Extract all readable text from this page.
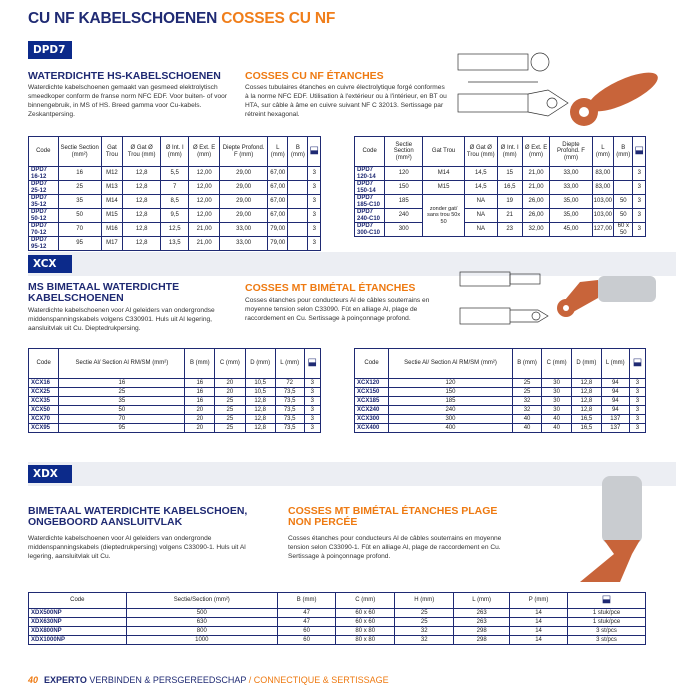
CU NF KABELSCHOENEN COSSES CU NF
DPD7
WATERDICHTE HS-KABELSCHOENEN
Waterdichte kabelschoenen gemaakt van gesmeed elektrolytisch smeedkoper conform de franse norm NFC EDF. Voor buiten- of voor binnengebruik, in MS of HS. Breed gamma voor Cu-kabels. Zeskantpersing.
COSSES CU NF ÉTANCHES
Cosses tubulaires étanches en cuivre électrolytique forgé conformes à la norme NFC EDF. Utilisation à l'extérieur ou à l'intérieur, en BT ou HTA, sur câble à âme en cuivre suivant NF C 32013. Sertissage par rétreint hexagonal.
Code	Sectie Section (mm²)	Gat Trou	Ø Gat Ø Trou (mm)	Ø Int. I (mm)	Ø Ext. E (mm)	Diepte Profond. F (mm)	L (mm)	B (mm)	⬓
DPD7 16-12	16	M12	12,8	5,5	12,00	29,00	67,00		3
DPD7 25-12	25	M13	12,8	7	12,00	29,00	67,00		3
DPD7 35-12	35	M14	12,8	8,5	12,00	29,00	67,00		3
DPD7 50-12	50	M15	12,8	9,5	12,00	29,00	67,00		3
DPD7 70-12	70	M16	12,8	12,5	21,00	33,00	79,00		3
DPD7 95-12	95	M17	12,8	13,5	21,00	33,00	79,00		3
Code	Sectie Section (mm²)	Gat Trou	Ø Gat Ø Trou (mm)	Ø Int. I (mm)	Ø Ext. E (mm)	Diepte Profond. F (mm)	L (mm)	B (mm)	⬓
DPD7 120-14	120	M14	14,5	15	21,00	33,00	83,00		3
DPD7 150-14	150	M15	14,5	16,5	21,00	33,00	83,00		3
DPD7 185-C10	185	zonder gat/ sans trou 50x 50	NA	19	26,00	35,00	103,00	50	3
DPD7 240-C10	240		NA	21	26,00	35,00	103,00	50	3
DPD7 300-C10	300		NA	23	32,00	45,00	127,00	60 x 50	3
XCX
MS BIMETAAL WATERDICHTE KABELSCHOENEN
Waterdichte kabelschoenen voor Al geleiders van ondergrondse middenspanningskabels volgens C330901. Huls uit Al legering, aansluitvlak uit Cu. Dieptedrukpersing.
COSSES MT BIMÉTAL ÉTANCHES
Cosses étanches pour conducteurs Al de câbles souterrains en moyenne tension selon C33090. Fût en alliage Al, plage de raccordement en Cu. Sertissage à poinçonnage profond.
Code	Sectie Al/ Section Al RM/SM (mm²)	B (mm)	C (mm)	D (mm)	L (mm)	⬓
XCX16	16	16	20	10,5	72	3
XCX25	25	16	20	10,5	73,5	3
XCX35	35	16	25	12,8	73,5	3
XCX50	50	20	25	12,8	73,5	3
XCX70	70	20	25	12,8	73,5	3
XCX95	95	20	25	12,8	73,5	3
Code	Sectie Al/ Section Al RM/SM (mm²)	B (mm)	C (mm)	D (mm)	L (mm)	⬓
XCX120	120	25	30	12,8	94	3
XCX150	150	25	30	12,8	94	3
XCX185	185	32	30	12,8	94	3
XCX240	240	32	30	12,8	94	3
XCX300	300	40	40	16,5	137	3
XCX400	400	40	40	16,5	137	3
XDX
BIMETAAL WATERDICHTE KABELSCHOEN, ONGEBOORD AANSLUITVLAK
Waterdichte kabelschoenen voor Al geleiders van ondergronde middenspanningskabels (dieptedrukpersing) volgens C33090-1. Huls uit Al legering, aansluitvlak uit Cu.
COSSES MT BIMÉTAL ÉTANCHES PLAGE NON PERCÉE
Cosses étanches pour conducteurs Al de câbles souterrains en moyenne tension selon C33090-1. Fût en alliage Al, plage de raccordement en Cu. Sertissage à poinçonnage profond.
Code	Sectie/Section (mm²)	B (mm)	C (mm)	H (mm)	L (mm)	P (mm)	⬓
XDX500NP	500	47	60 x 60	25	263	14	1 stuk/pce
XDX630NP	630	47	60 x 60	25	263	14	1 stuk/pce
XDX800NP	800	60	80 x 80	32	298	14	3 st/pcs
XDX1000NP	1000	60	80 x 80	32	298	14	3 st/pcs
40 EXPERTO VERBINDEN & PERSGEREEDSCHAP / CONNECTIQUE & SERTISSAGE
